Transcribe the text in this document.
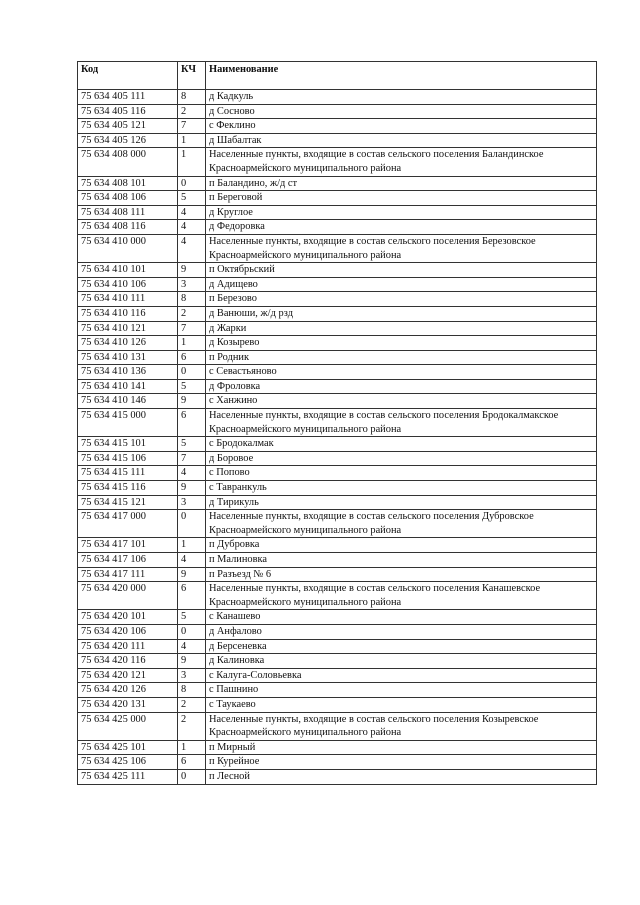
Код	КЧ	Наименование
75 634 405 111	8	д Кадкуль
75 634 405 116	2	д Сосново
75 634 405 121	7	с Феклино
75 634 405 126	1	д Шабалтак
75 634 408 000	1	Населенные пункты, входящие в состав сельского поселения Баландинское Красноармейского муниципального района
75 634 408 101	0	п Баландино, ж/д ст
75 634 408 106	5	п Береговой
75 634 408 111	4	д Круглое
75 634 408 116	4	д Федоровка
75 634 410 000	4	Населенные пункты, входящие в состав сельского поселения Березовское Красноармейского муниципального района
75 634 410 101	9	п Октябрьский
75 634 410 106	3	д Адищево
75 634 410 111	8	п Березово
75 634 410 116	2	д Ванюши, ж/д рзд
75 634 410 121	7	д Жарки
75 634 410 126	1	д Козырево
75 634 410 131	6	п Родник
75 634 410 136	0	с Севастьяново
75 634 410 141	5	д Фроловка
75 634 410 146	9	с Ханжино
75 634 415 000	6	Населенные пункты, входящие в состав сельского поселения Бродокалмакское Красноармейского муниципального района
75 634 415 101	5	с Бродокалмак
75 634 415 106	7	д Боровое
75 634 415 111	4	с Попово
75 634 415 116	9	с Тавранкуль
75 634 415 121	3	д Тирикуль
75 634 417 000	0	Населенные пункты, входящие в состав сельского поселения Дубровское Красноармейского муниципального района
75 634 417 101	1	п Дубровка
75 634 417 106	4	п Малиновка
75 634 417 111	9	п Разъезд № 6
75 634 420 000	6	Населенные пункты, входящие в состав сельского поселения Канашевское Красноармейского муниципального района
75 634 420 101	5	с Канашево
75 634 420 106	0	д Анфалово
75 634 420 111	4	д Берсеневка
75 634 420 116	9	д Калиновка
75 634 420 121	3	с Калуга-Соловьевка
75 634 420 126	8	с Пашнино
75 634 420 131	2	с Таукаево
75 634 425 000	2	Населенные пункты, входящие в состав сельского поселения Козыревское Красноармейского муниципального района
75 634 425 101	1	п Мирный
75 634 425 106	6	п Курейное
75 634 425 111	0	п Лесной
